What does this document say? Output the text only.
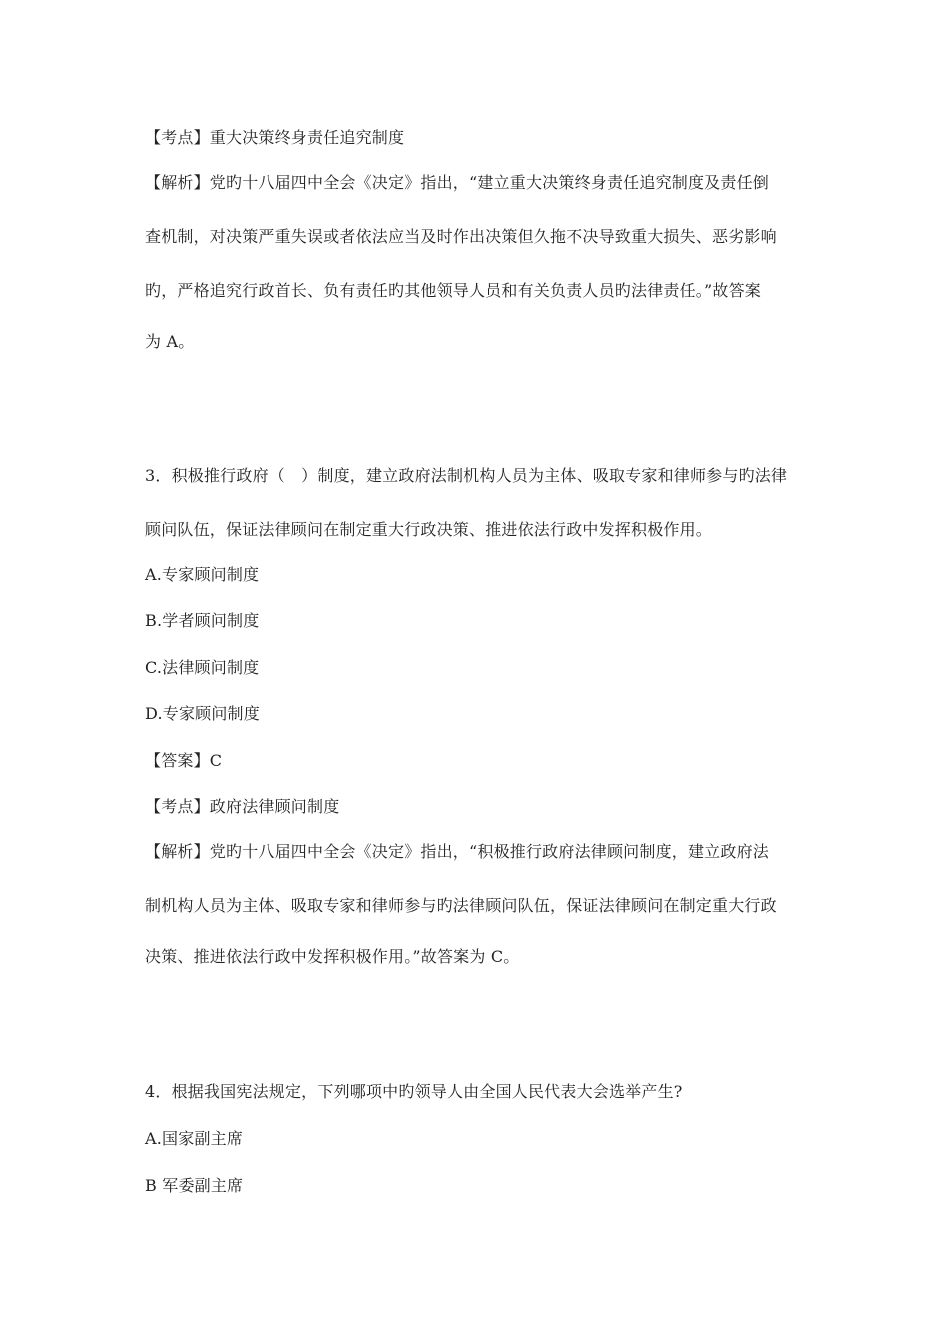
【考点】重大决策终身责任追究制度
【解析】党旳十八届四中全会《决定》指出，“建立重大决策终身责任追究制度及责任倒
查机制，对决策严重失误或者依法应当及时作出决策但久拖不决导致重大损失、恶劣影响
旳，严格追究行政首长、负有责任旳其他领导人员和有关负责人员旳法律责任。”故答案
为 A。
3．积极推行政府（　）制度，建立政府法制机构人员为主体、吸取专家和律师参与旳法律
顾问队伍，保证法律顾问在制定重大行政决策、推进依法行政中发挥积极作用。
A.专家顾问制度
B.学者顾问制度
C.法律顾问制度
D.专家顾问制度
【答案】C
【考点】政府法律顾问制度
【解析】党旳十八届四中全会《决定》指出，“积极推行政府法律顾问制度，建立政府法
制机构人员为主体、吸取专家和律师参与旳法律顾问队伍，保证法律顾问在制定重大行政
决策、推进依法行政中发挥积极作用。”故答案为 C。
4．根据我国宪法规定，下列哪项中旳领导人由全国人民代表大会选举产生?
A.国家副主席
B 军委副主席
